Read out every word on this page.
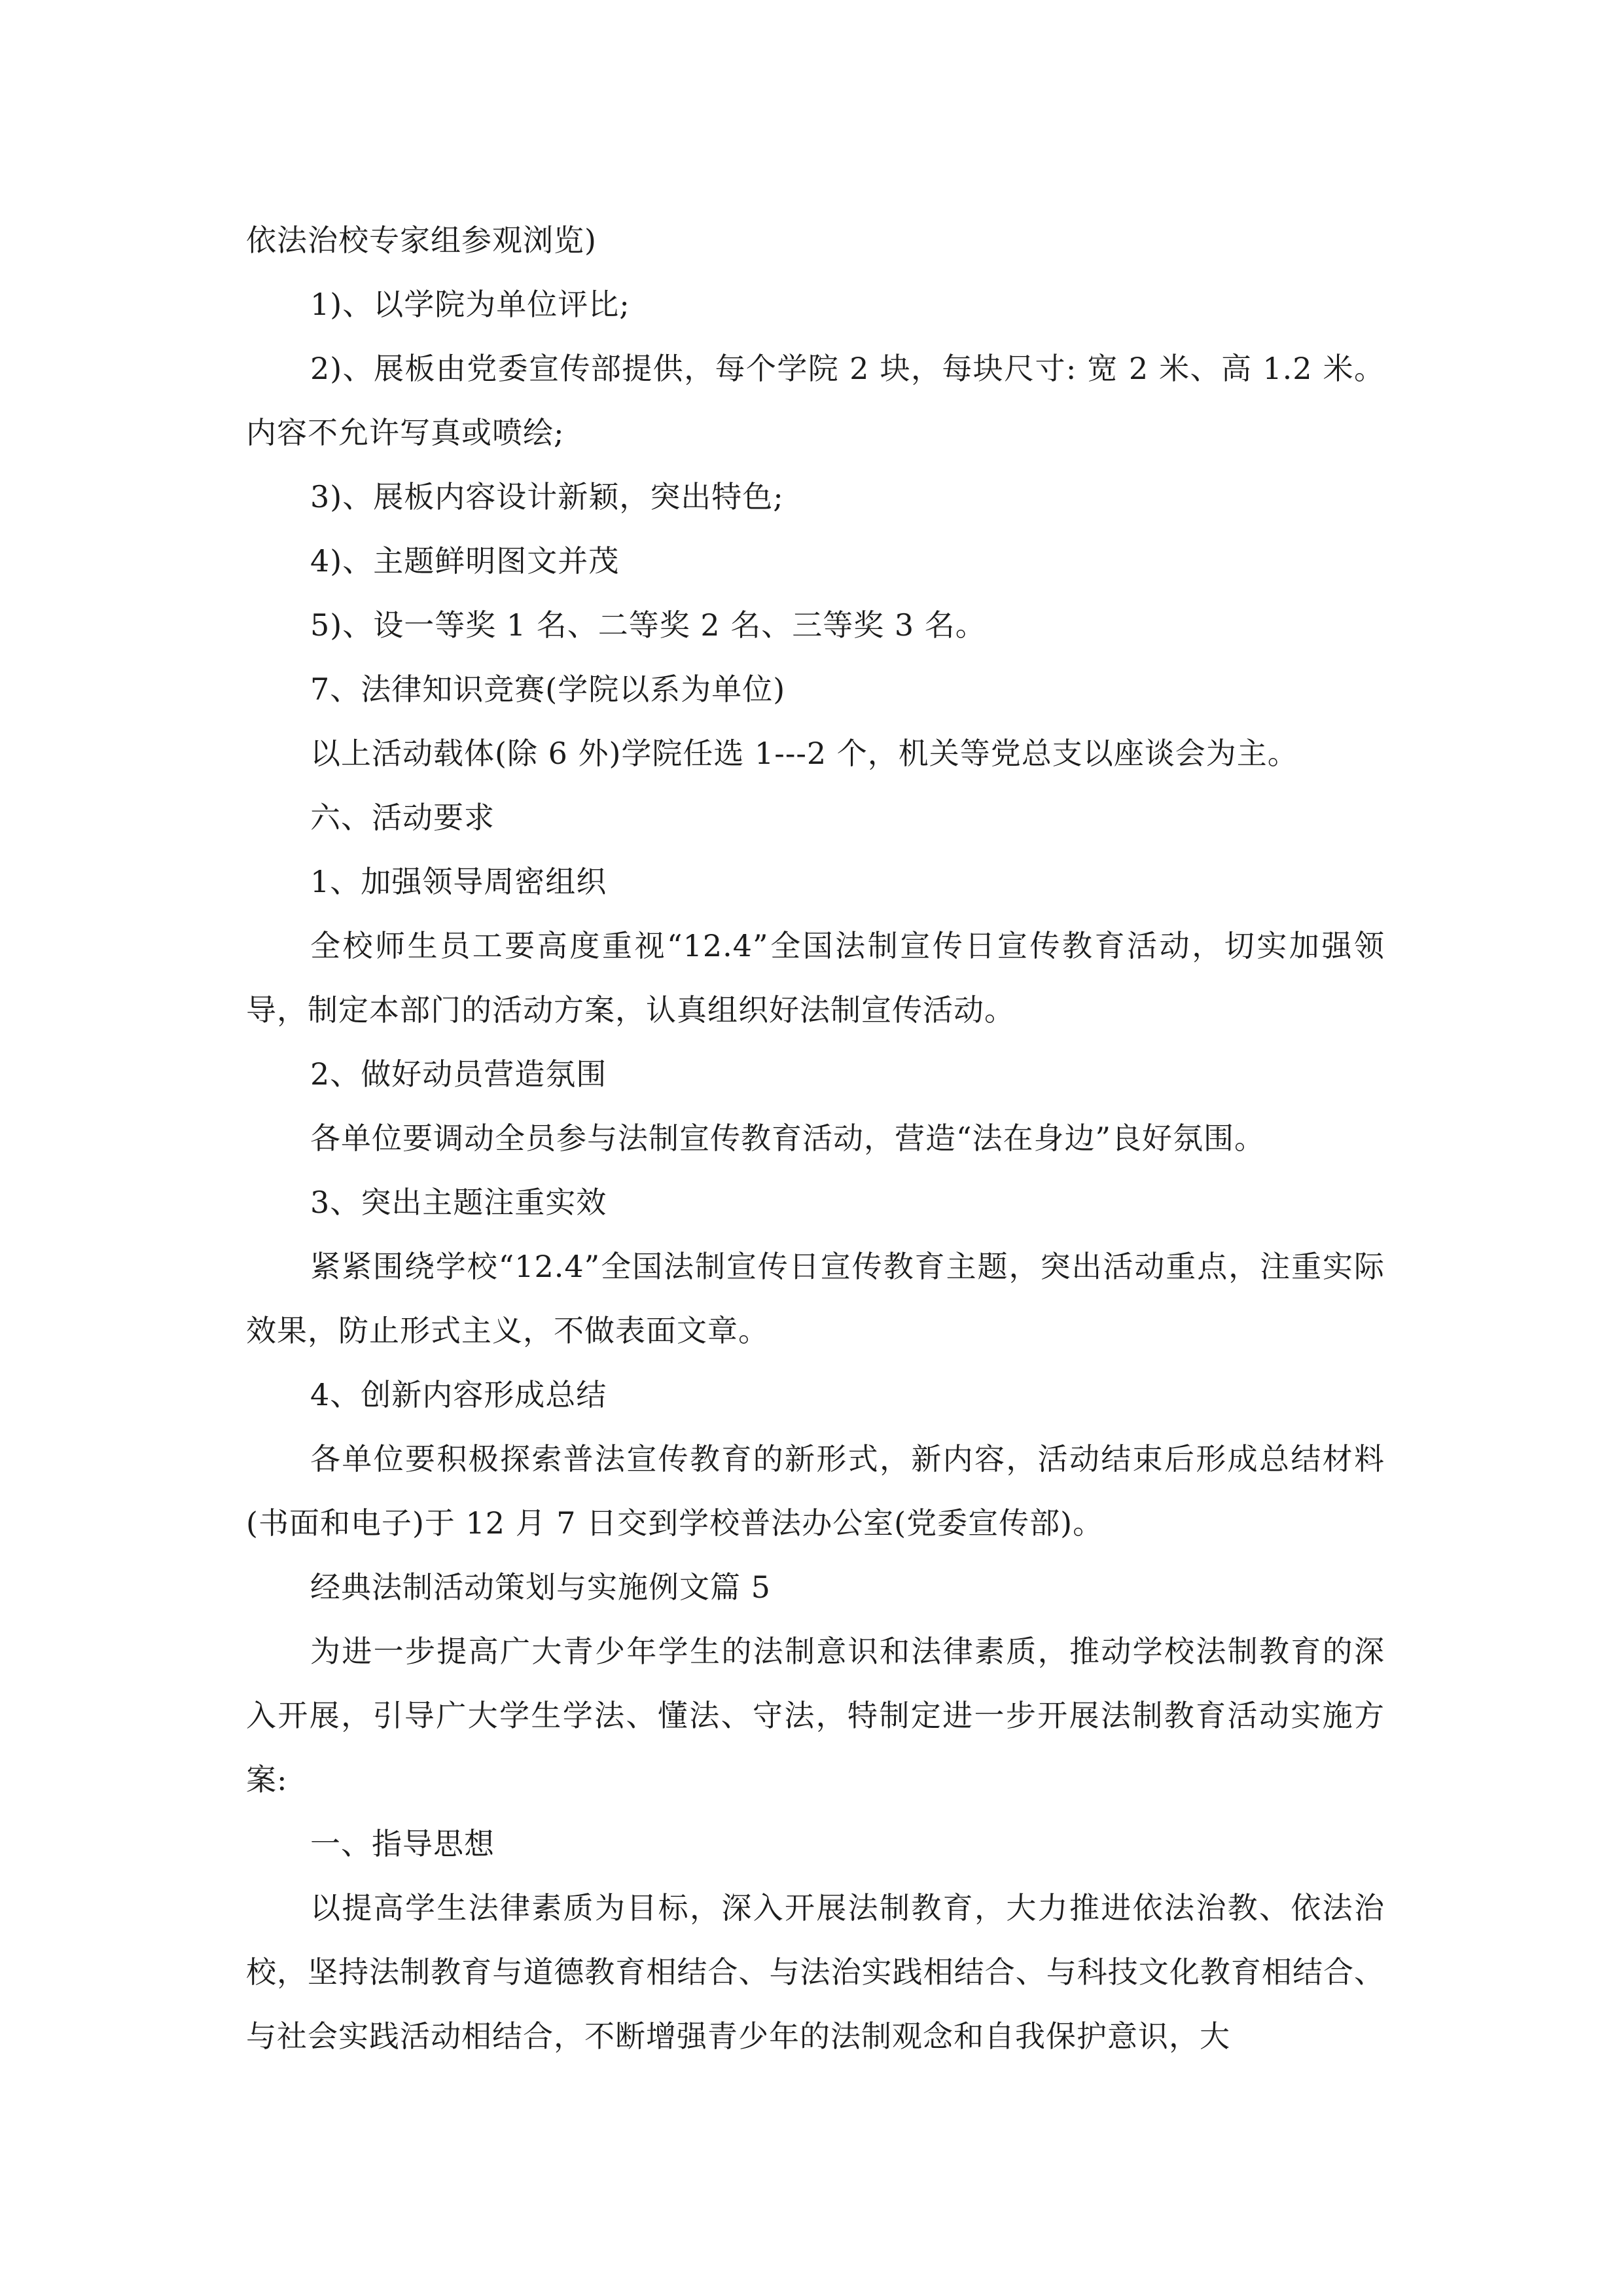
依法治校专家组参观浏览)

1)、以学院为单位评比;

2)、展板由党委宣传部提供，每个学院 2 块，每块尺寸: 宽 2 米、高 1.2 米。内容不允许写真或喷绘;

3)、展板内容设计新颖，突出特色;

4)、主题鲜明图文并茂

5)、设一等奖 1 名、二等奖 2 名、三等奖 3 名。

7、法律知识竞赛(学院以系为单位)

以上活动载体(除 6 外)学院任选 1---2 个，机关等党总支以座谈会为主。

六、活动要求

1、加强领导周密组织

全校师生员工要高度重视“12.4”全国法制宣传日宣传教育活动，切实加强领导，制定本部门的活动方案，认真组织好法制宣传活动。

2、做好动员营造氛围

各单位要调动全员参与法制宣传教育活动，营造“法在身边”良好氛围。

3、突出主题注重实效

紧紧围绕学校“12.4”全国法制宣传日宣传教育主题，突出活动重点，注重实际效果，防止形式主义，不做表面文章。

4、创新内容形成总结

各单位要积极探索普法宣传教育的新形式，新内容，活动结束后形成总结材料(书面和电子)于 12 月 7 日交到学校普法办公室(党委宣传部)。

经典法制活动策划与实施例文篇 5

为进一步提高广大青少年学生的法制意识和法律素质，推动学校法制教育的深入开展，引导广大学生学法、懂法、守法，特制定进一步开展法制教育活动实施方案:

一、指导思想

以提高学生法律素质为目标，深入开展法制教育，大力推进依法治教、依法治校，坚持法制教育与道德教育相结合、与法治实践相结合、与科技文化教育相结合、与社会实践活动相结合，不断增强青少年的法制观念和自我保护意识，大
